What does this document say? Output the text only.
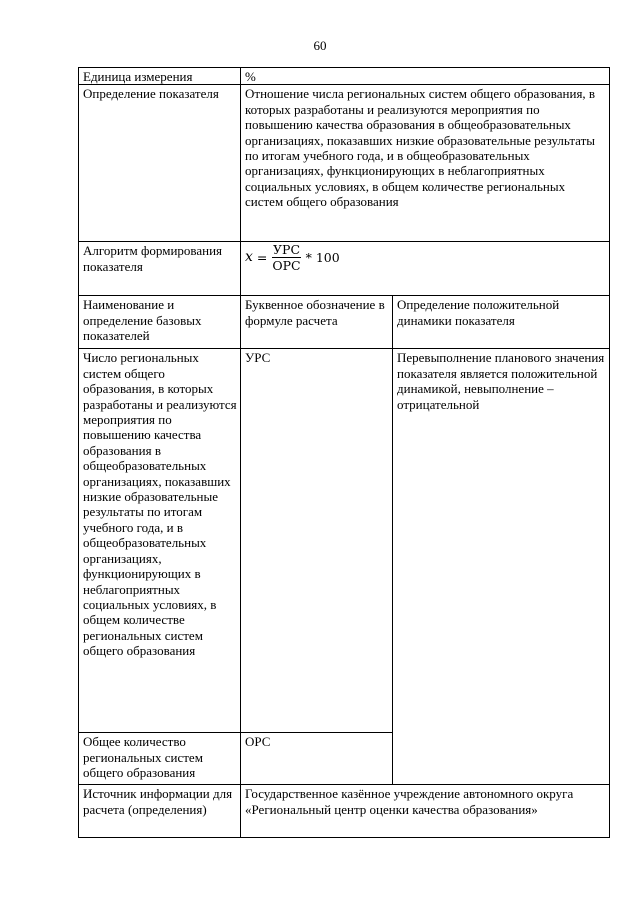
60
Единица измерения	%	
Определение показателя	Отношение числа региональных систем общего образования, в которых разработаны и реализуются мероприятия по повышению качества образования в общеобразовательных организациях, показавших низкие образовательные результаты по итогам учебного года, и в общеобразовательных организациях, функционирующих в неблагоприятных социальных условиях, в общем количестве региональных систем общего образования	
Алгоритм формирования показателя	$x = \frac{\text{УРС}}{\text{ОРС}} * 100$	

Наименование и определение базовых показателей	Буквенное обозначение в формуле расчета	Определение положительной динамики показателя
Число региональных систем общего образования, в которых разработаны и реализуются мероприятия по повышению качества образования в общеобразовательных организациях, показавших низкие образовательные результаты по итогам учебного года, и в общеобразовательных организациях, функционирующих в неблагоприятных социальных условиях, в общем количестве региональных систем общего образования	УРС	Перевыполнение планового значения показателя является положительной динамикой, невыполнение – отрицательной
Общее количество региональных систем общего образования	ОРС	
Источник информации для расчета (определения)	Государственное казённое учреждение автономного округа «Региональный центр оценки качества образования»	
